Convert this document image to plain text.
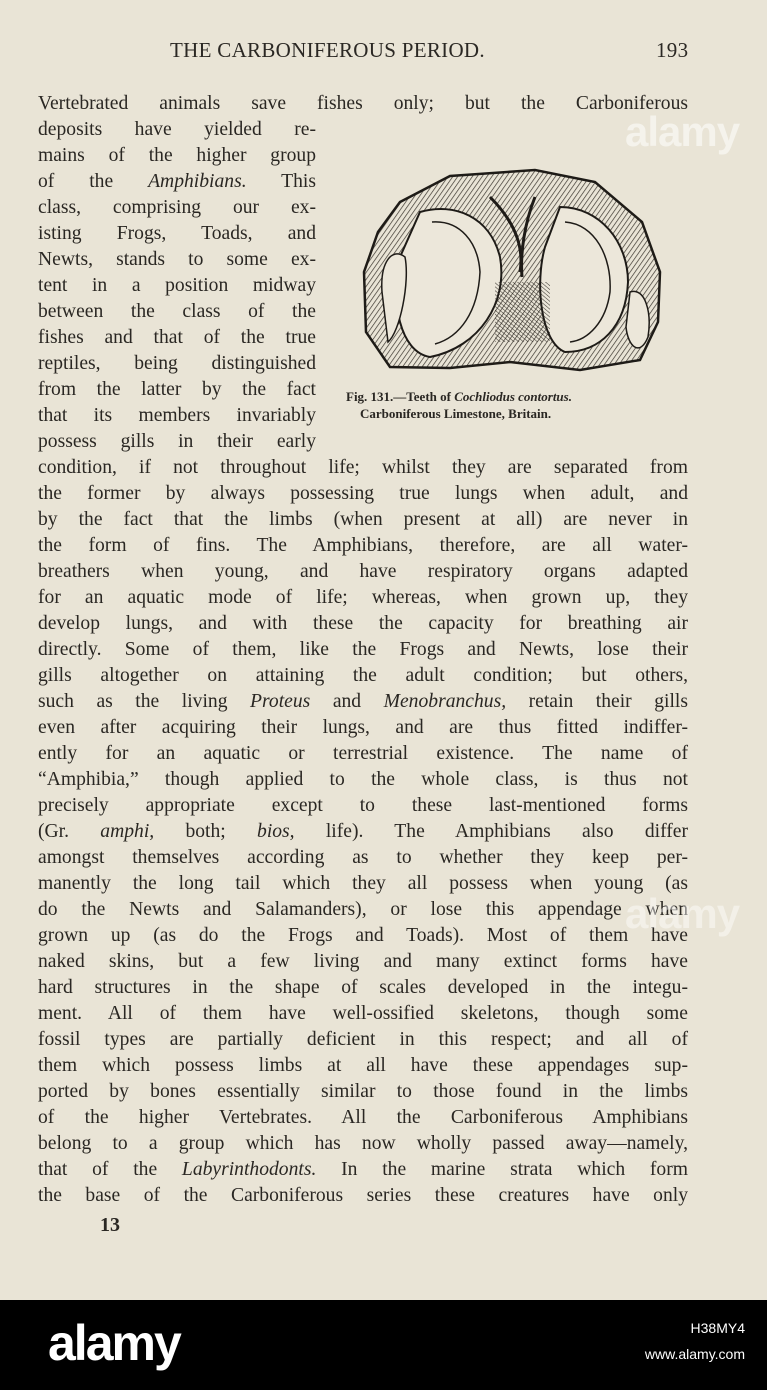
THE CARBONIFEROUS PERIOD.	193
Vertebrated animals save fishes only; but the Carboniferous
deposits have yielded re-
mains of the higher group
of the Amphibians. This
class, comprising our ex-
isting Frogs, Toads, and
Newts, stands to some ex-
tent in a position midway
between the class of the
fishes and that of the true
reptiles, being distinguished
from the latter by the fact
that its members invariably
possess gills in their early
condition, if not throughout life; whilst they are separated from
the former by always possessing true lungs when adult, and
by the fact that the limbs (when present at all) are never in
the form of fins. The Amphibians, therefore, are all water-
breathers when young, and have respiratory organs adapted
for an aquatic mode of life; whereas, when grown up, they
develop lungs, and with these the capacity for breathing air
directly. Some of them, like the Frogs and Newts, lose their
gills altogether on attaining the adult condition; but others,
such as the living Proteus and Menobranchus, retain their gills
even after acquiring their lungs, and are thus fitted indiffer-
ently for an aquatic or terrestrial existence. The name of
“Amphibia,” though applied to the whole class, is thus not
precisely appropriate except to these last-mentioned forms
(Gr. amphi, both; bios, life). The Amphibians also differ
amongst themselves according as to whether they keep per-
manently the long tail which they all possess when young (as
do the Newts and Salamanders), or lose this appendage when
grown up (as do the Frogs and Toads). Most of them have
naked skins, but a few living and many extinct forms have
hard structures in the shape of scales developed in the integu-
ment. All of them have well-ossified skeletons, though some
fossil types are partially deficient in this respect; and all of
them which possess limbs at all have these appendages sup-
ported by bones essentially similar to those found in the limbs
of the higher Vertebrates. All the Carboniferous Amphibians
belong to a group which has now wholly passed away—namely,
that of the Labyrinthodonts. In the marine strata which form
the base of the Carboniferous series these creatures have only
Fig. 131.—Teeth of Cochliodus contortus.
Carboniferous Limestone, Britain.
13
alamy
alamy
alamy	H38MY4
www.alamy.com
